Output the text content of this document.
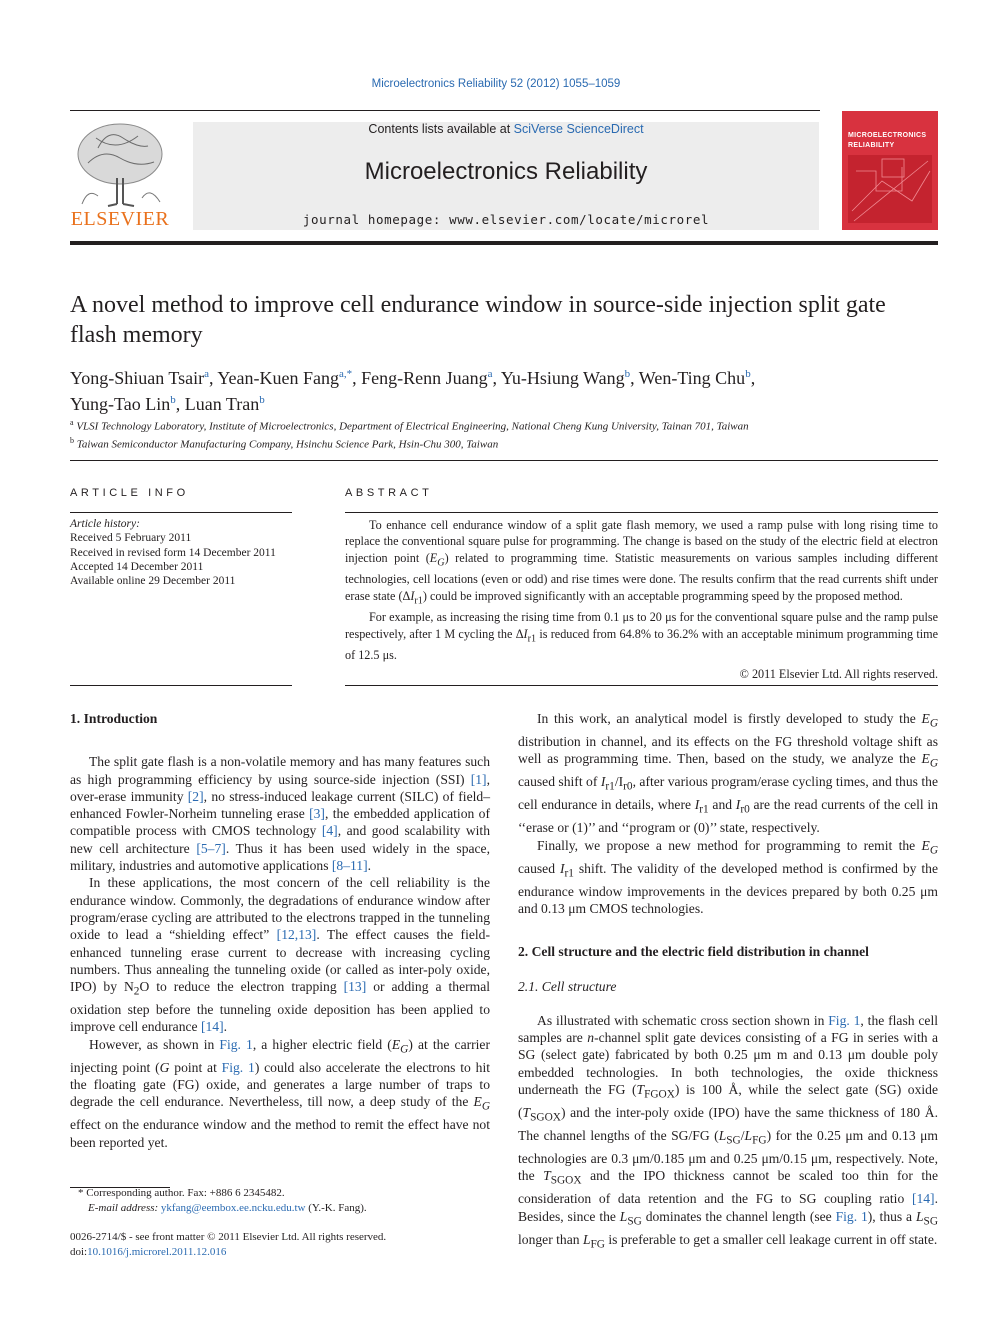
Microelectronics Reliability 52 (2012) 1055–1059
ELSEVIER
Contents lists available at SciVerse ScienceDirect
Microelectronics Reliability
journal homepage: www.elsevier.com/locate/microrel
MICROELECTRONICS
RELIABILITY
A novel method to improve cell endurance window in source-side injection split gate flash memory
Yong-Shiuan Tsair$^a$, Yean-Kuen Fang$^{a,*}$, Feng-Renn Juang$^a$, Yu-Hsiung Wang$^b$, Wen-Ting Chu$^b$,
Yung-Tao Lin$^b$, Luan Tran$^b$
$^a$ VLSI Technology Laboratory, Institute of Microelectronics, Department of Electrical Engineering, National Cheng Kung University, Tainan 701, Taiwan
$^b$ Taiwan Semiconductor Manufacturing Company, Hsinchu Science Park, Hsin-Chu 300, Taiwan
ARTICLE INFO
Article history:
Received 5 February 2011
Received in revised form 14 December 2011
Accepted 14 December 2011
Available online 29 December 2011
ABSTRACT

To enhance cell endurance window of a split gate flash memory, we used a ramp pulse with long rising time to replace the conventional square pulse for programming. The change is based on the study of the electric field at electron injection point $(E_G)$ related to programming time. Statistic measurements on various samples including different technologies, cell locations (even or odd) and rise times were done. The results confirm that the read currents shift under erase state $(\Delta I_{r1})$ could be improved significantly with an acceptable programming speed by the proposed method.

For example, as increasing the rising time from 0.1 μs to 20 μs for the conventional square pulse and the ramp pulse respectively, after 1 M cycling the $\Delta I_{r1}$ is reduced from 64.8% to 36.2% with an acceptable minimum programming time of 12.5 μs.

© 2011 Elsevier Ltd. All rights reserved.

1. Introduction

The split gate flash is a non-volatile memory and has many features such as high programming efficiency by using source-side injection (SSI) [1], over-erase immunity [2], no stress-induced leakage current (SILC) of field–enhanced Fowler-Norheim tunneling erase [3], the embedded application of compatible process with CMOS technology [4], and good scalability with new cell architecture [5–7]. Thus it has been used widely in the space, military, industries and automotive applications [8–11].

In these applications, the most concern of the cell reliability is the endurance window. Commonly, the degradations of endurance window after program/erase cycling are attributed to the electrons trapped in the tunneling oxide to lead a “shielding effect” [12,13]. The effect causes the field-enhanced tunneling erase current to decrease with increasing cycling numbers. Thus annealing the tunneling oxide (or called as inter-poly oxide, IPO) by $N_2O$ to reduce the electron trapping [13] or adding a thermal oxidation step before the tunneling oxide deposition has been applied to improve cell endurance [14].

However, as shown in Fig. 1, a higher electric field $(E_G)$ at the carrier injecting point (G point at Fig. 1) could also accelerate the electrons to hit the floating gate (FG) oxide, and generates a large number of traps to degrade the cell endurance. Nevertheless, till now, a deep study of the $E_G$ effect on the endurance window and the method to remit the effect have not been reported yet.

In this work, an analytical model is firstly developed to study the $E_G$ distribution in channel, and its effects on the FG threshold voltage shift as well as programming time. Then, based on the study, we analyze the $E_G$ caused shift of $I_{r1}/I_{r0}$, after various program/erase cycling times, and thus the cell endurance in details, where $I_{r1}$ and $I_{r0}$ are the read currents of the cell in ‘‘erase or (1)’’ and ‘‘program or (0)’’ state, respectively.

Finally, we propose a new method for programming to remit the $E_G$ caused $I_{r1}$ shift. The validity of the developed method is confirmed by the endurance window improvements in the devices prepared by both 0.25 μm and 0.13 μm CMOS technologies.

2. Cell structure and the electric field distribution in channel
2.1. Cell structure

As illustrated with schematic cross section shown in Fig. 1, the flash cell samples are n-channel split gate devices consisting of a FG in series with a SG (select gate) fabricated by both 0.25 μm m and 0.13 μm double poly embedded technologies. In both technologies, the oxide thickness underneath the FG $(T_{FGOX})$ is 100 Å, while the select gate (SG) oxide $(T_{SGOX})$ and the inter-poly oxide (IPO) have the same thickness of 180 Å. The channel lengths of the SG/FG $(L_{SG}/L_{FG})$ for the 0.25 μm and 0.13 μm technologies are 0.3 μm/0.185 μm and 0.25 μm/0.15 μm, respectively. Note, the $T_{SGOX}$ and the IPO thickness cannot be scaled too thin for the consideration of data retention and the FG to SG coupling ratio [14]. Besides, since the $L_{SG}$ dominates the channel length (see Fig. 1), thus a $L_{SG}$ longer than $L_{FG}$ is preferable to get a smaller cell leakage current in off state.

* Corresponding author. Fax: +886 6 2345482.
E-mail address: ykfang@eembox.ee.ncku.edu.tw (Y.-K. Fang).
0026-2714/$ - see front matter © 2011 Elsevier Ltd. All rights reserved.
doi:10.1016/j.microrel.2011.12.016
